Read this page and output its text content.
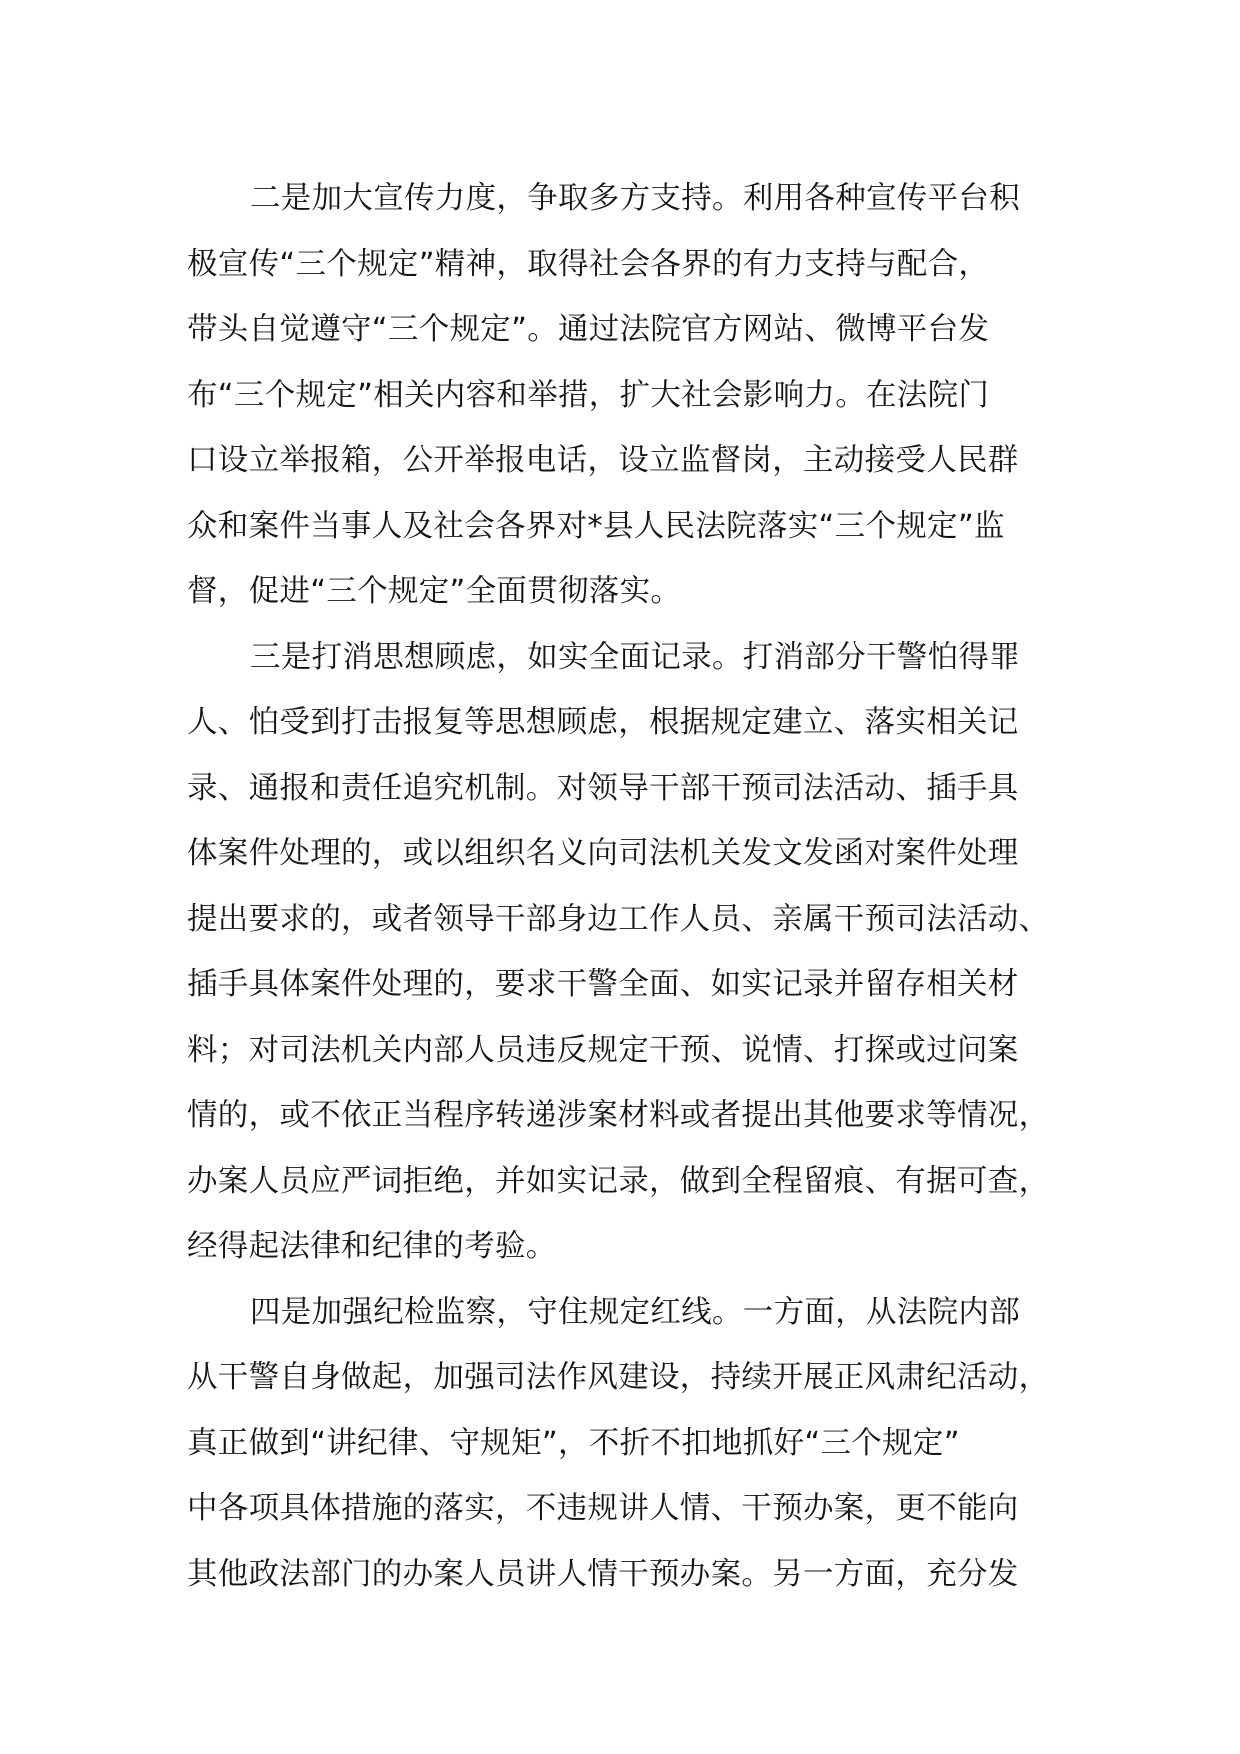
二是加大宣传力度，争取多方支持。利用各种宣传平台积
极宣传“三个规定”精神，取得社会各界的有力支持与配合，
带头自觉遵守“三个规定”。通过法院官方网站、微博平台发
布“三个规定”相关内容和举措，扩大社会影响力。在法院门
口设立举报箱，公开举报电话，设立监督岗，主动接受人民群
众和案件当事人及社会各界对*县人民法院落实“三个规定”监
督，促进“三个规定”全面贯彻落实。
三是打消思想顾虑，如实全面记录。打消部分干警怕得罪
人、怕受到打击报复等思想顾虑，根据规定建立、落实相关记
录、通报和责任追究机制。对领导干部干预司法活动、插手具
体案件处理的，或以组织名义向司法机关发文发函对案件处理
提出要求的，或者领导干部身边工作人员、亲属干预司法活动、
插手具体案件处理的，要求干警全面、如实记录并留存相关材
料；对司法机关内部人员违反规定干预、说情、打探或过问案
情的，或不依正当程序转递涉案材料或者提出其他要求等情况，
办案人员应严词拒绝，并如实记录，做到全程留痕、有据可查，
经得起法律和纪律的考验。
四是加强纪检监察，守住规定红线。一方面，从法院内部
从干警自身做起，加强司法作风建设，持续开展正风肃纪活动，
真正做到“讲纪律、守规矩”，不折不扣地抓好“三个规定”
中各项具体措施的落实，不违规讲人情、干预办案，更不能向
其他政法部门的办案人员讲人情干预办案。另一方面，充分发
